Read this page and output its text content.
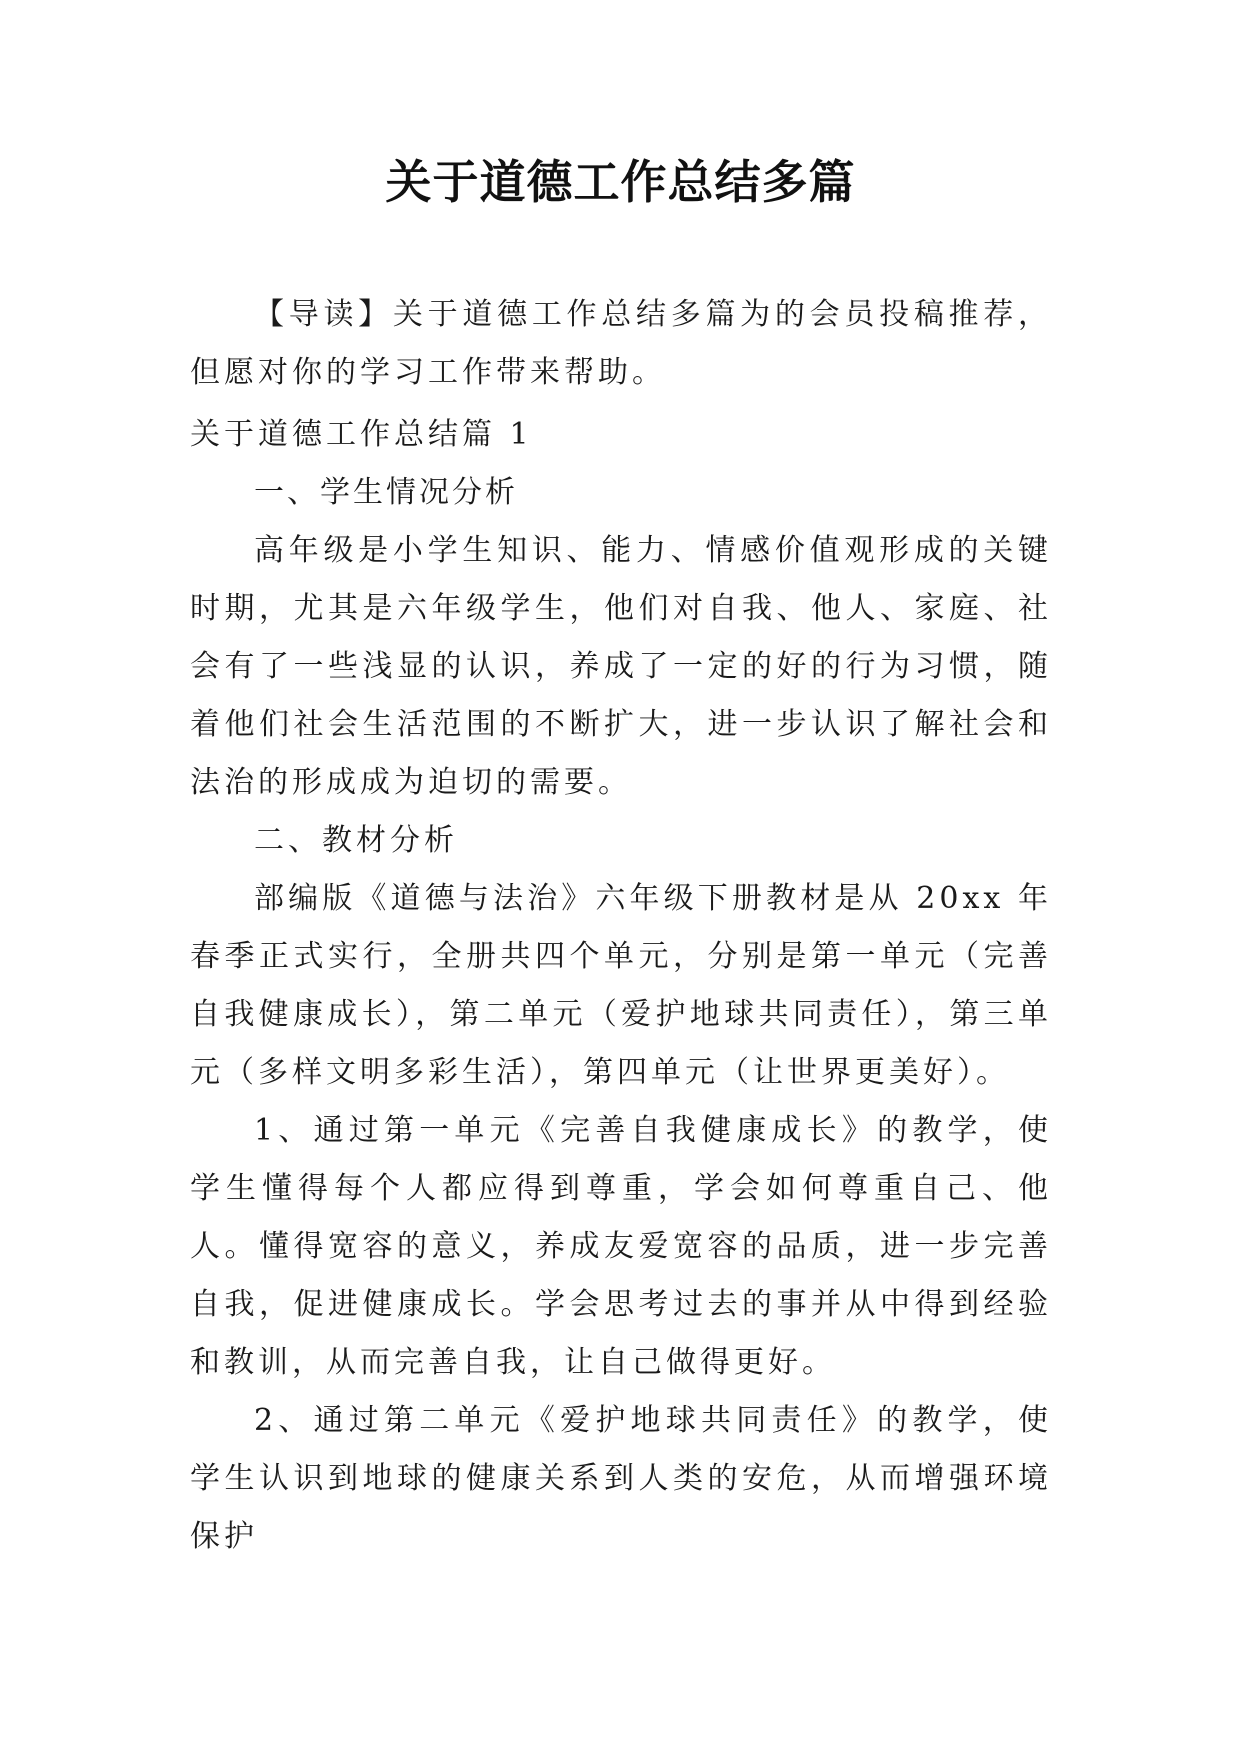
关于道德工作总结多篇

【导读】关于道德工作总结多篇为的会员投稿推荐，但愿对你的学习工作带来帮助。

关于道德工作总结篇 1

一、学生情况分析

高年级是小学生知识、能力、情感价值观形成的关键时期，尤其是六年级学生，他们对自我、他人、家庭、社会有了一些浅显的认识，养成了一定的好的行为习惯，随着他们社会生活范围的不断扩大，进一步认识了解社会和法治的形成成为迫切的需要。

二、教材分析

部编版《道德与法治》六年级下册教材是从 20xx 年春季正式实行，全册共四个单元，分别是第一单元（完善自我健康成长），第二单元（爱护地球共同责任），第三单元（多样文明多彩生活），第四单元（让世界更美好）。

1、通过第一单元《完善自我健康成长》的教学，使学生懂得每个人都应得到尊重，学会如何尊重自己、他人。懂得宽容的意义，养成友爱宽容的品质，进一步完善自我，促进健康成长。学会思考过去的事并从中得到经验和教训，从而完善自我，让自己做得更好。

2、通过第二单元《爱护地球共同责任》的教学，使学生认识到地球的健康关系到人类的安危，从而增强环境保护
